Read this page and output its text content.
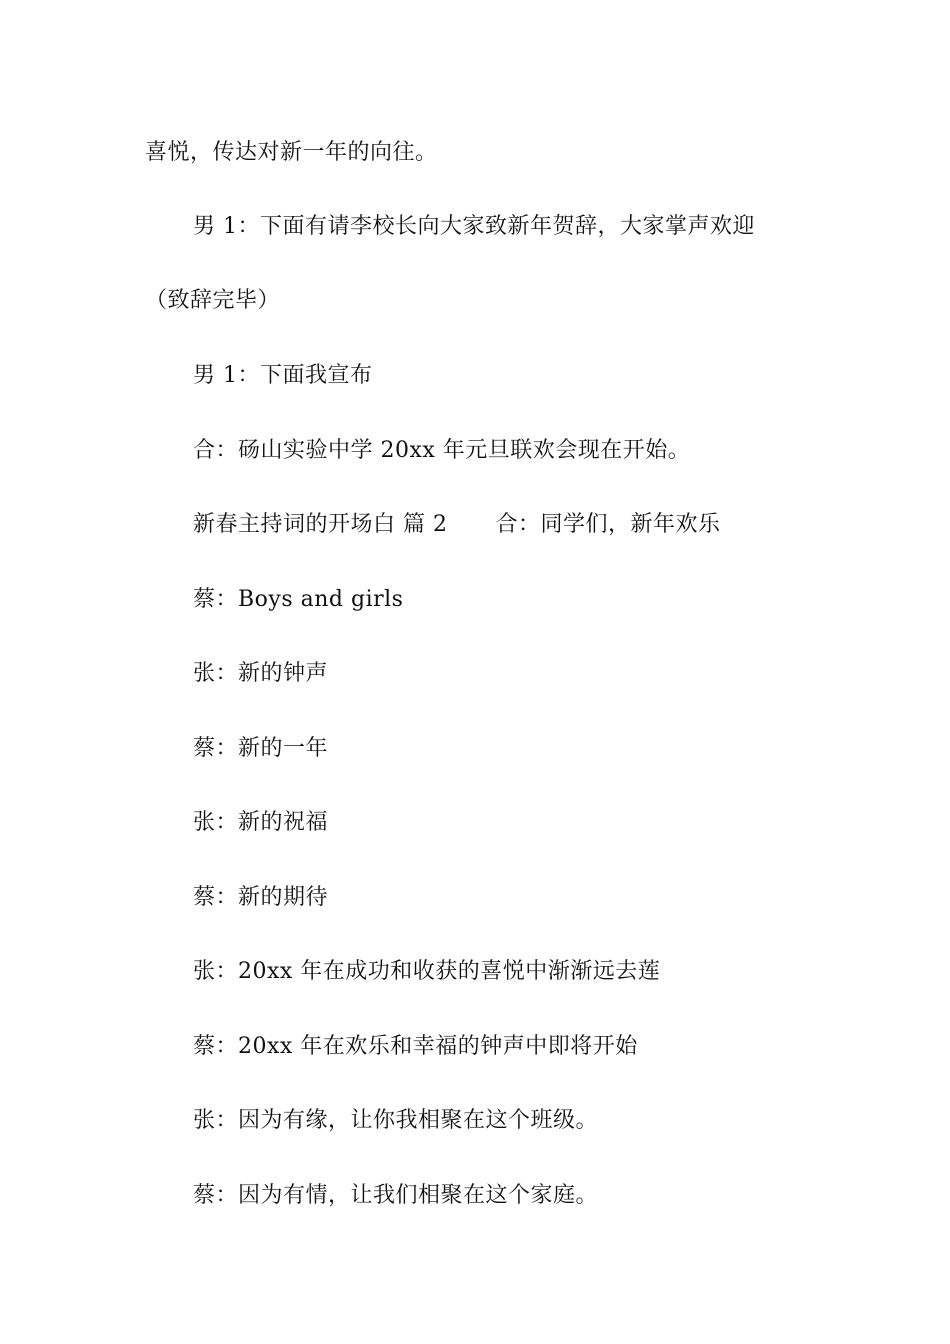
喜悦，传达对新一年的向往。
男 1：下面有请李校长向大家致新年贺辞，大家掌声欢迎
（致辞完毕）
男 1：下面我宣布
合：砀山实验中学 20xx 年元旦联欢会现在开始。
新春主持词的开场白 篇 2 合：同学们，新年欢乐
蔡：Boys and girls
张：新的钟声
蔡：新的一年
张：新的祝福
蔡：新的期待
张：20xx 年在成功和收获的喜悦中渐渐远去莲
蔡：20xx 年在欢乐和幸福的钟声中即将开始
张：因为有缘，让你我相聚在这个班级。
蔡：因为有情，让我们相聚在这个家庭。
